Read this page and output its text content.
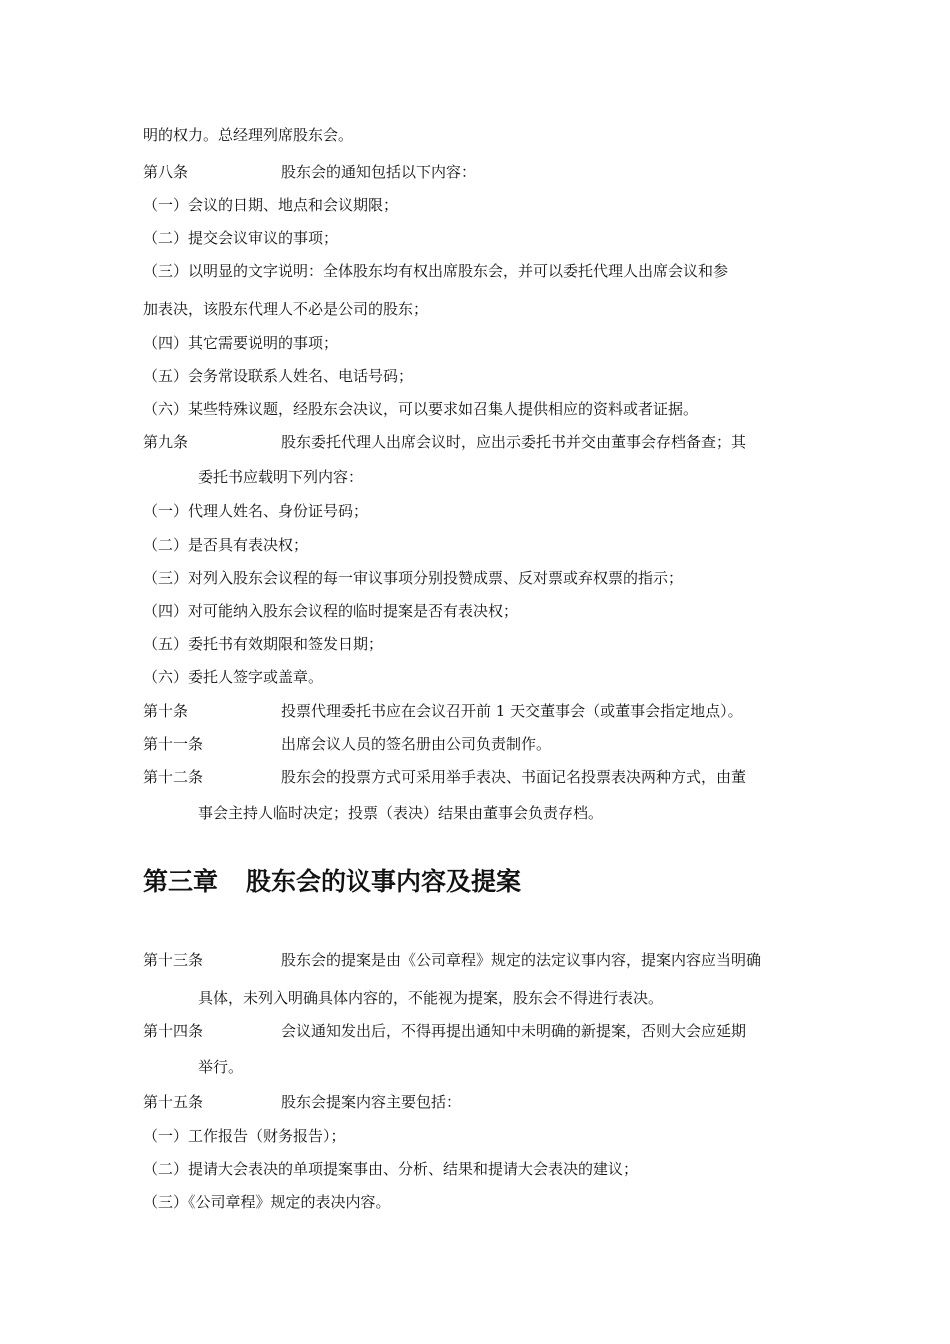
明的权力。总经理列席股东会。
第八条	股东会的通知包括以下内容：
（一）会议的日期、地点和会议期限；
（二）提交会议审议的事项；
（三）以明显的文字说明：全体股东均有权出席股东会，并可以委托代理人出席会议和参
加表决，该股东代理人不必是公司的股东；
（四）其它需要说明的事项；
（五）会务常设联系人姓名、电话号码；
（六）某些特殊议题，经股东会决议，可以要求如召集人提供相应的资料或者证据。
第九条	股东委托代理人出席会议时，应出示委托书并交由董事会存档备查；其
委托书应载明下列内容：
（一）代理人姓名、身份证号码；
（二）是否具有表决权；
（三）对列入股东会议程的每一审议事项分别投赞成票、反对票或弃权票的指示；
（四）对可能纳入股东会议程的临时提案是否有表决权；
（五）委托书有效期限和签发日期；
（六）委托人签字或盖章。
第十条	投票代理委托书应在会议召开前 1 天交董事会（或董事会指定地点）。
第十一条	出席会议人员的签名册由公司负责制作。
第十二条	股东会的投票方式可采用举手表决、书面记名投票表决两种方式，由董
事会主持人临时决定；投票（表决）结果由董事会负责存档。
第三章 股东会的议事内容及提案
第十三条	股东会的提案是由《公司章程》规定的法定议事内容，提案内容应当明确
具体，未列入明确具体内容的，不能视为提案，股东会不得进行表决。
第十四条	会议通知发出后，不得再提出通知中未明确的新提案，否则大会应延期
举行。
第十五条	股东会提案内容主要包括：
（一）工作报告（财务报告）；
（二）提请大会表决的单项提案事由、分析、结果和提请大会表决的建议；
（三）《公司章程》规定的表决内容。
